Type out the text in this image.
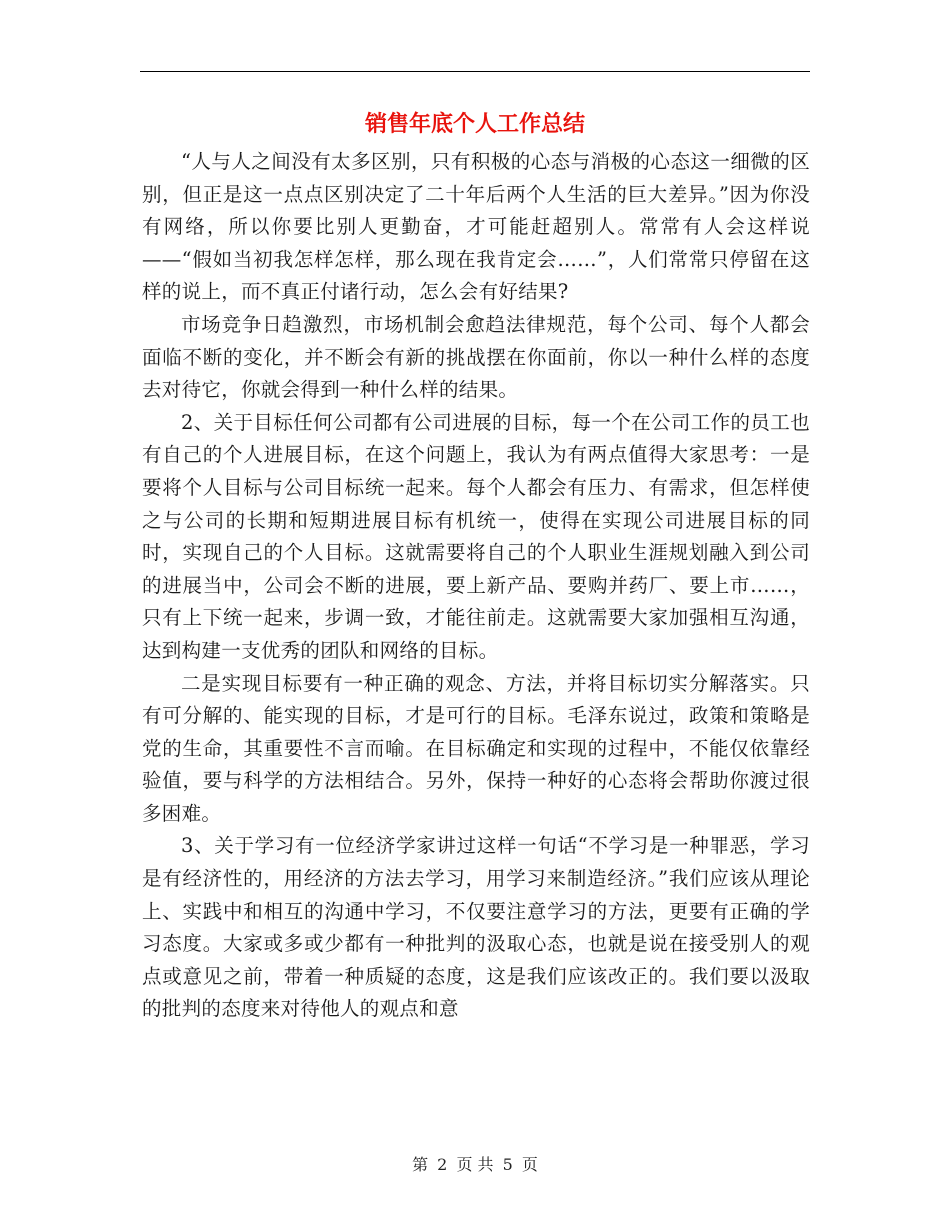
销售年底个人工作总结

“人与人之间没有太多区别，只有积极的心态与消极的心态这一细微的区别，但正是这一点点区别决定了二十年后两个人生活的巨大差异。”因为你没有网络，所以你要比别人更勤奋，才可能赶超别人。常常有人会这样说——“假如当初我怎样怎样，那么现在我肯定会……”，人们常常只停留在这样的说上，而不真正付诸行动，怎么会有好结果?

市场竞争日趋激烈，市场机制会愈趋法律规范，每个公司、每个人都会面临不断的变化，并不断会有新的挑战摆在你面前，你以一种什么样的态度去对待它，你就会得到一种什么样的结果。

2、关于目标任何公司都有公司进展的目标，每一个在公司工作的员工也有自己的个人进展目标，在这个问题上，我认为有两点值得大家思考：一是要将个人目标与公司目标统一起来。每个人都会有压力、有需求，但怎样使之与公司的长期和短期进展目标有机统一，使得在实现公司进展目标的同时，实现自己的个人目标。这就需要将自己的个人职业生涯规划融入到公司的进展当中，公司会不断的进展，要上新产品、要购并药厂、要上市……，只有上下统一起来，步调一致，才能往前走。这就需要大家加强相互沟通，达到构建一支优秀的团队和网络的目标。

二是实现目标要有一种正确的观念、方法，并将目标切实分解落实。只有可分解的、能实现的目标，才是可行的目标。毛泽东说过，政策和策略是党的生命，其重要性不言而喻。在目标确定和实现的过程中，不能仅依靠经验值，要与科学的方法相结合。另外，保持一种好的心态将会帮助你渡过很多困难。

3、关于学习有一位经济学家讲过这样一句话“不学习是一种罪恶，学习是有经济性的，用经济的方法去学习，用学习来制造经济。”我们应该从理论上、实践中和相互的沟通中学习，不仅要注意学习的方法，更要有正确的学习态度。大家或多或少都有一种批判的汲取心态，也就是说在接受别人的观点或意见之前，带着一种质疑的态度，这是我们应该改正的。我们要以汲取的批判的态度来对待他人的观点和意

第 2 页 共 5 页
